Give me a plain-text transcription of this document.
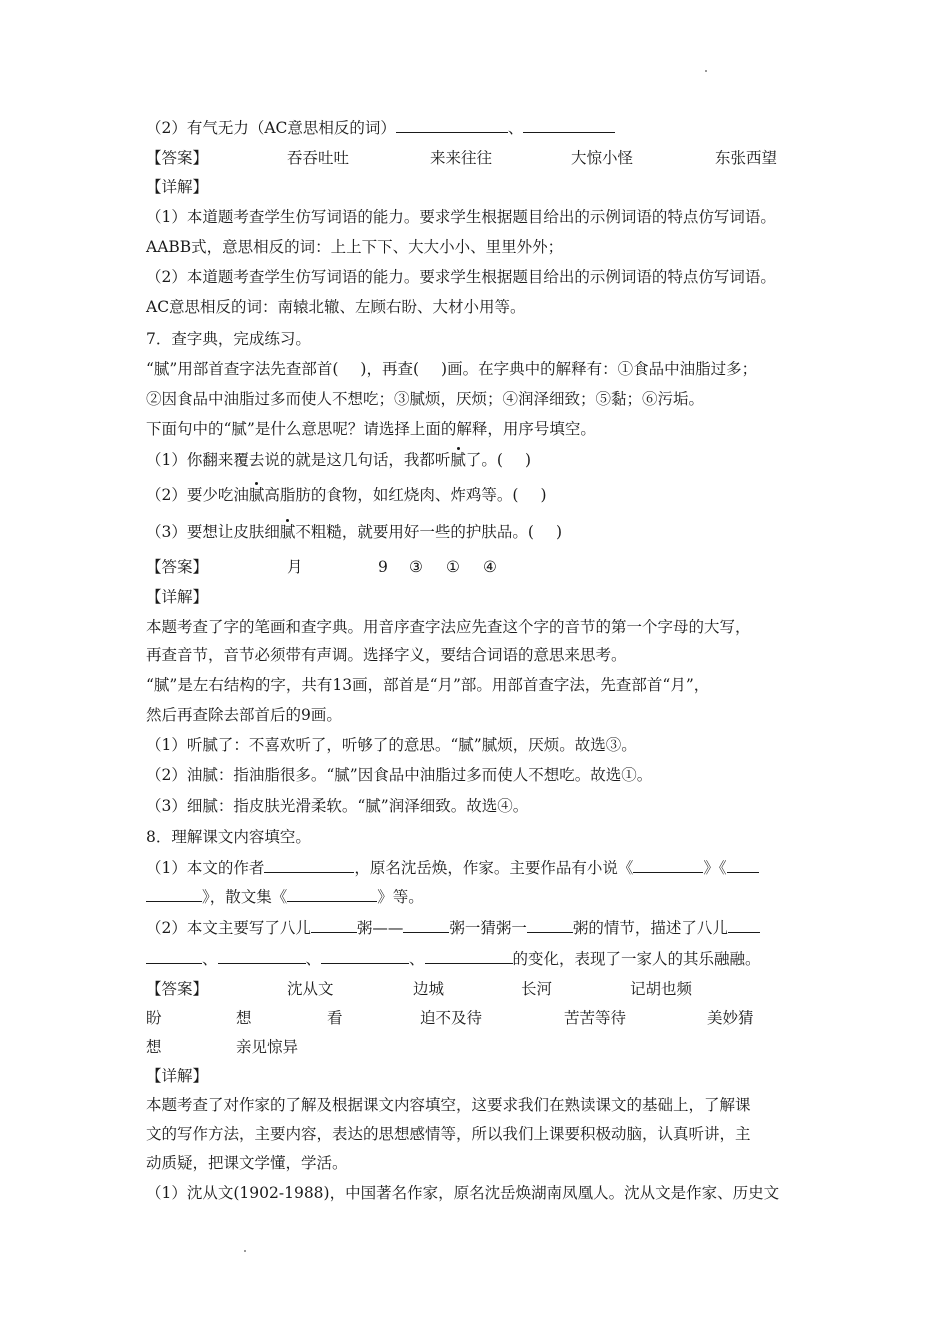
（2）有气无力（AC意思相反的词）	、
【答案】	吞吞吐吐	来来往往	大惊小怪	东张西望
【详解】
（1）本道题考查学生仿写词语的能力。要求学生根据题目给出的示例词语的特点仿写词语。
AABB式，意思相反的词：上上下下、大大小小、里里外外；
（2）本道题考查学生仿写词语的能力。要求学生根据题目给出的示例词语的特点仿写词语。
AC意思相反的词：南辕北辙、左顾右盼、大材小用等。
7．查字典，完成练习。
“腻”用部首查字法先查部首( )，再查( )画。在字典中的解释有：①食品中油脂过多；
②因食品中油脂过多而使人不想吃；③腻烦，厌烦；④润泽细致；⑤黏；⑥污垢。
下面句中的“腻”是什么意思呢？请选择上面的解释，用序号填空。
（1）你翻来覆去说的就是这几句话，我都听腻了。( )
（2）要少吃油腻高脂肪的食物，如红烧肉、炸鸡等。( )
（3）要想让皮肤细腻不粗糙，就要用好一些的护肤品。( )
【答案】	月	9 ③ ① ④
【详解】
本题考查了字的笔画和查字典。用音序查字法应先查这个字的音节的第一个字母的大写，
再查音节，音节必须带有声调。选择字义，要结合词语的意思来思考。
“腻”是左右结构的字，共有13画，部首是“月”部。用部首查字法，先查部首“月”，
然后再查除去部首后的9画。
（1）听腻了：不喜欢听了，听够了的意思。“腻”腻烦，厌烦。故选③。
（2）油腻：指油脂很多。“腻”因食品中油脂过多而使人不想吃。故选①。
（3）细腻：指皮肤光滑柔软。“腻”润泽细致。故选④。
8．理解课文内容填空。
（1）本文的作者	，原名沈岳焕，作家。主要作品有小说《	》《
》，散文集《	》等。
（2）本文主要写了八儿	粥——	粥一猜粥一	粥的情节，描述了八儿
、	、	、	的变化，表现了一家人的其乐融融。
【答案】	沈从文	边城	长河	记胡也频
盼	想	看	迫不及待	苦苦等待	美妙猜
想	亲见惊异
【详解】
本题考查了对作家的了解及根据课文内容填空，这要求我们在熟读课文的基础上，了解课
文的写作方法，主要内容，表达的思想感情等，所以我们上课要积极动脑，认真听讲，主
动质疑，把课文学懂，学活。
（1）沈从文(1902-1988)，中国著名作家，原名沈岳焕湖南凤凰人。沈从文是作家、历史文
